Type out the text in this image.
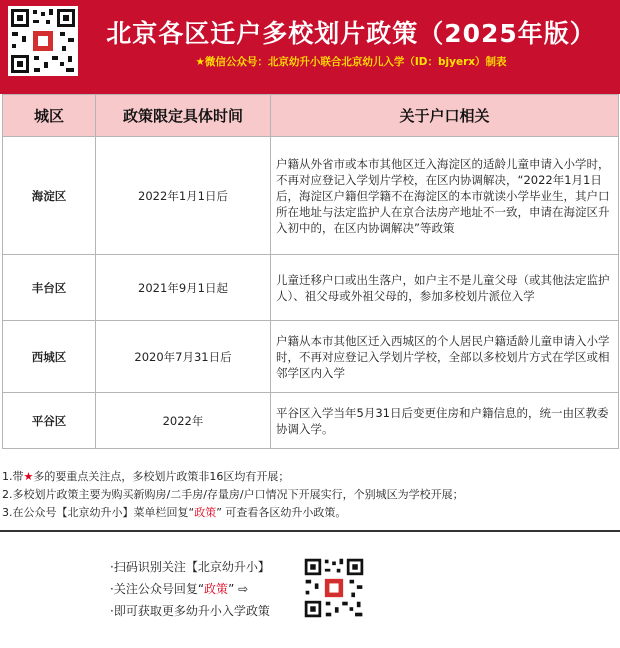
北京各区迁户多校划片政策（2025年版）
★微信公众号：北京幼升小联合北京幼儿入学（ID：bjyerx）制表
城区	政策限定具体时间	关于户口相关
海淀区	2022年1月1日后	户籍从外省市或本市其他区迁入海淀区的适龄儿童申请入小学时，不再对应登记入学划片学校，在区内协调解决，“2022年1月1日后，海淀区户籍但学籍不在海淀区的本市就读小学毕业生，其户口所在地址与法定监护人在京合法房产地址不一致，申请在海淀区升入初中的，在区内协调解决”等政策
丰台区	2021年9月1日起	儿童迁移户口或出生落户，如户主不是儿童父母（或其他法定监护人）、祖父母或外祖父母的，参加多校划片派位入学
西城区	2020年7月31日后	户籍从本市其他区迁入西城区的个人居民户籍适龄儿童申请入小学时，不再对应登记入学划片学校，全部以多校划片方式在学区或相邻学区内入学
平谷区	2022年	平谷区入学当年5月31日后变更住房和户籍信息的，统一由区教委协调入学。
1.带★多的要重点关注点，多校划片政策非16区均有开展；
2.多校划片政策主要为购买新购房/二手房/存量房/户口情况下开展实行，个别城区为学校开展；
3.在公众号【北京幼升小】菜单栏回复“政策” 可查看各区幼升小政策。
·扫码识别关注【北京幼升小】
·关注公众号回复“政策” ⇨
·即可获取更多幼升小入学政策
